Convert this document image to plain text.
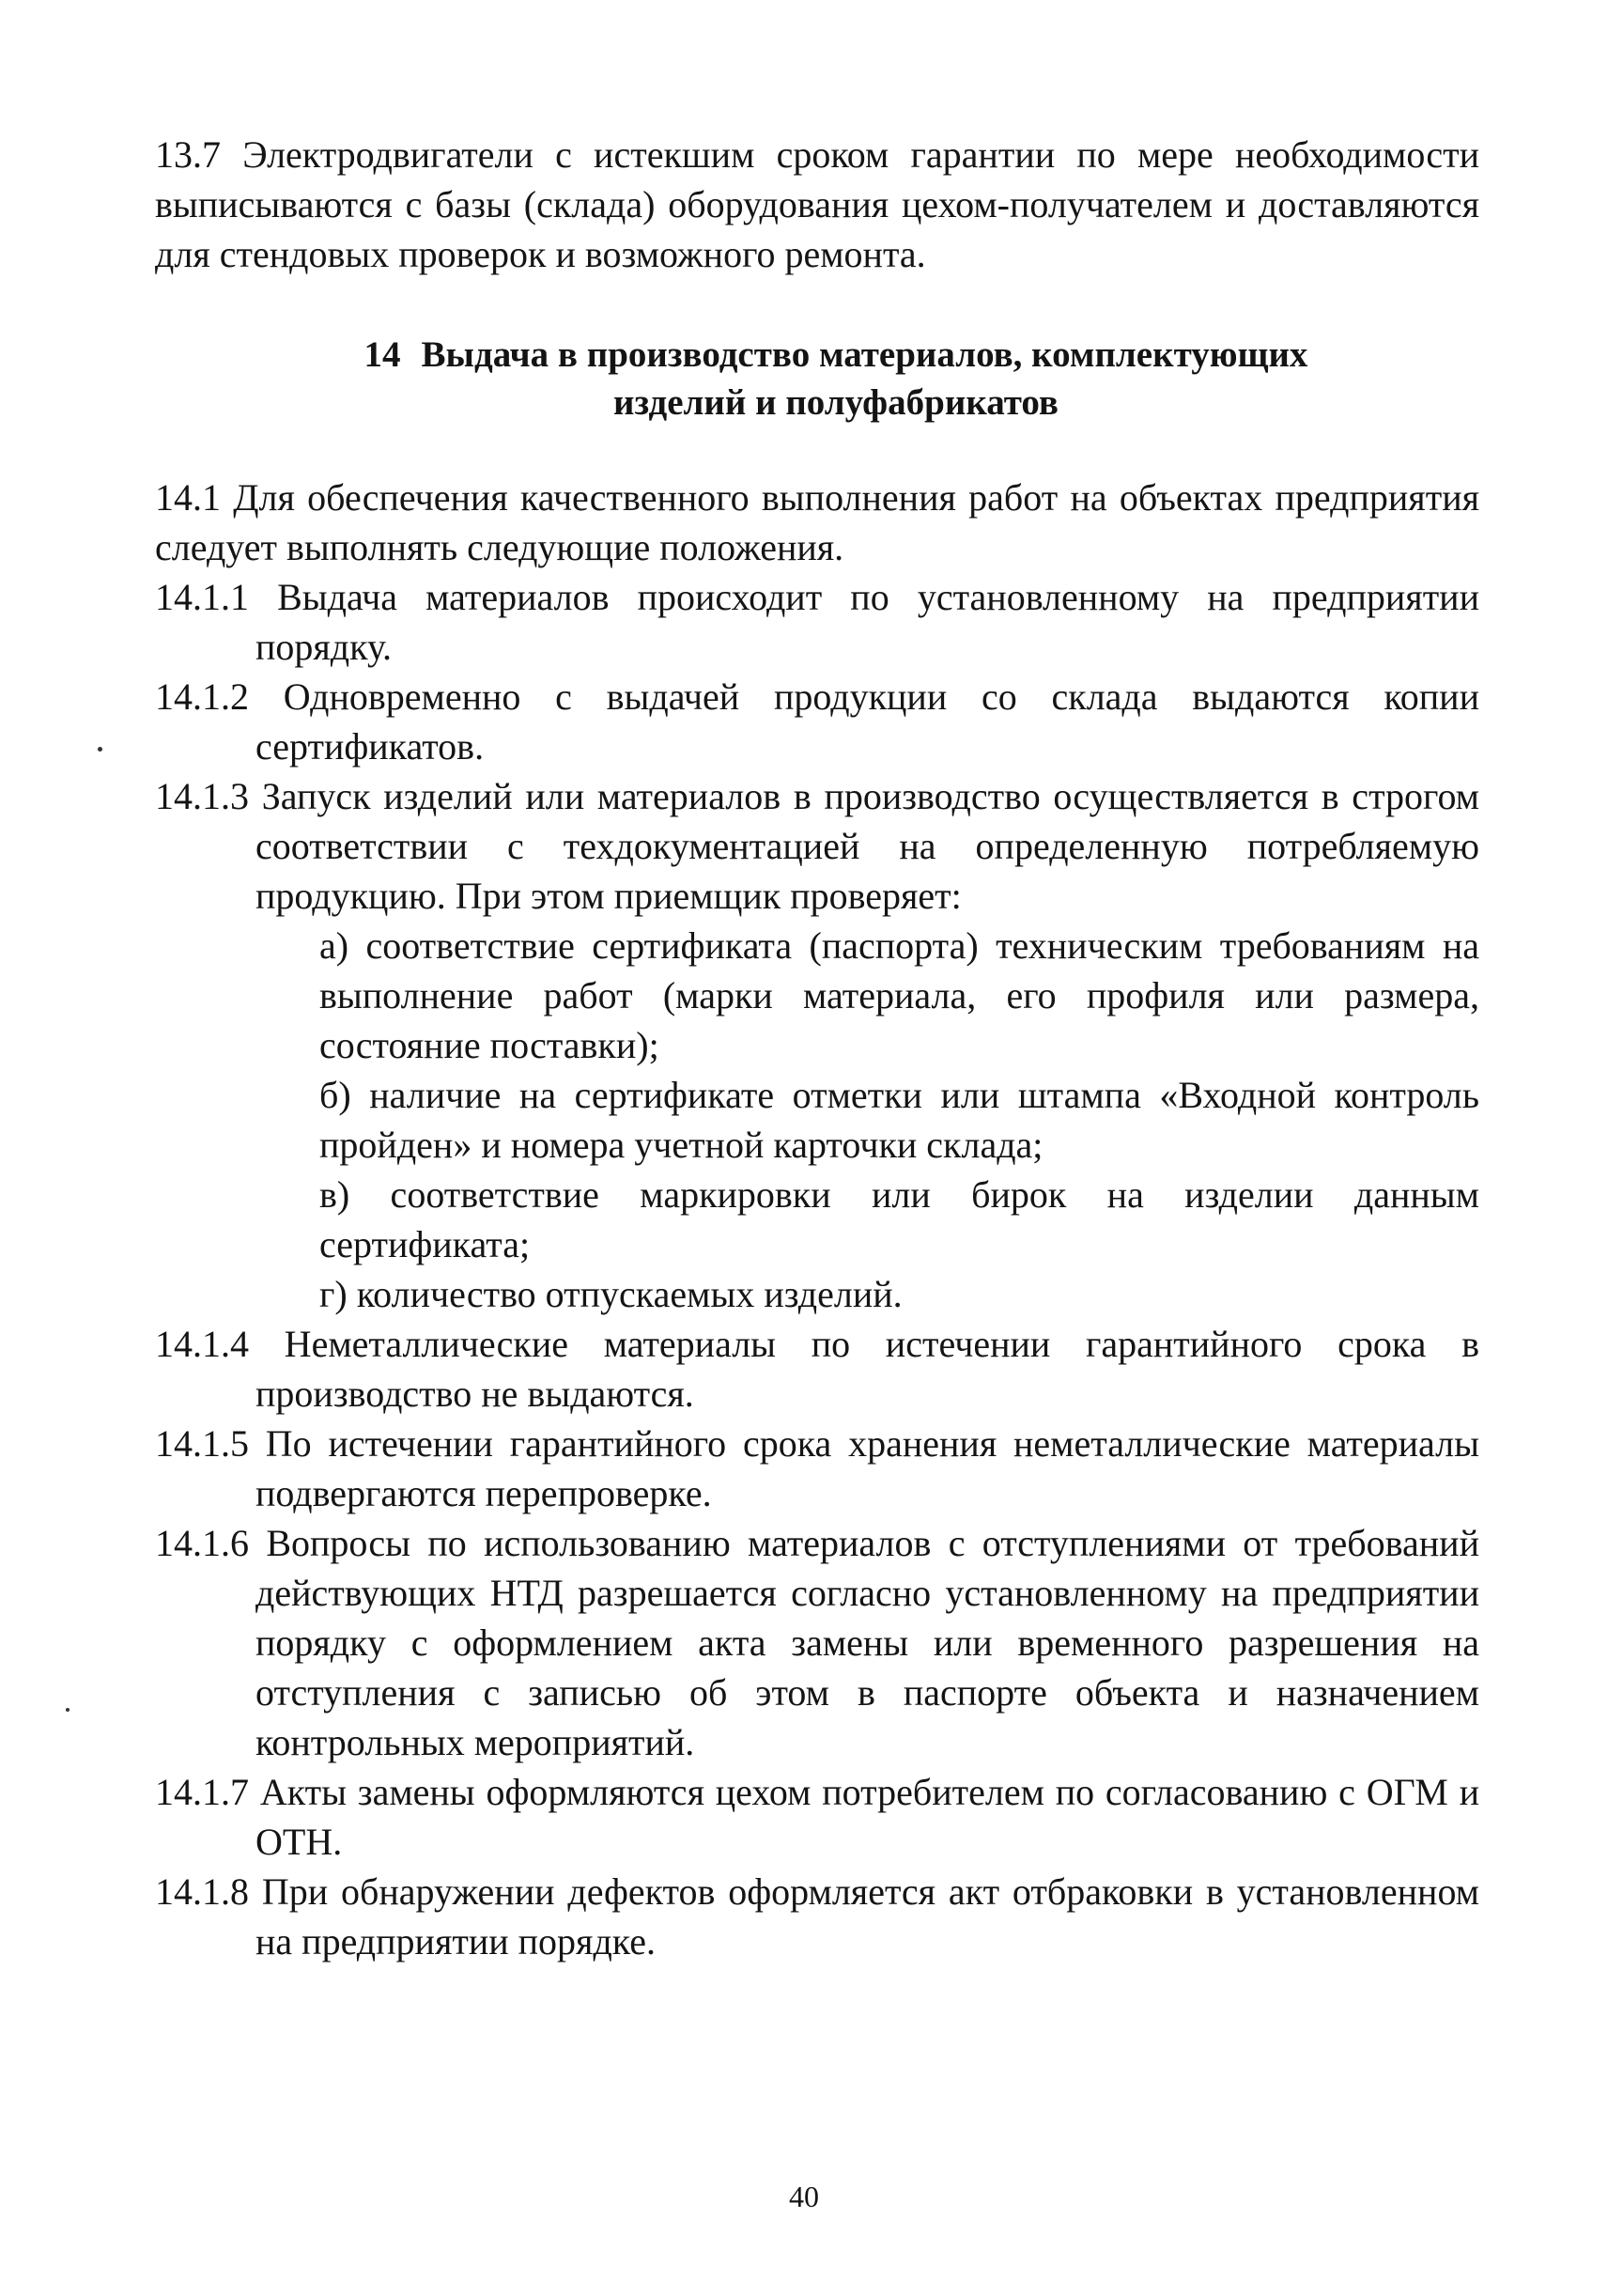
13.7 Электродвигатели с истекшим сроком гарантии по мере необходимости выписываются с базы (склада) оборудования цехом-получателем и доставляются для стендовых проверок и возможного ремонта.

14 Выдача в производство материалов, комплектующих
изделий и полуфабрикатов

14.1 Для обеспечения качественного выполнения работ на объектах предприятия следует выполнять следующие положения.

14.1.1 Выдача материалов происходит по установленному на предприятии порядку.

14.1.2 Одновременно с выдачей продукции со склада выдаются копии сертификатов.

14.1.3 Запуск изделий или материалов в производство осуществляется в строгом соответствии с техдокументацией на определенную потребляемую продукцию. При этом приемщик проверяет:

а) соответствие сертификата (паспорта) техническим требованиям на выполнение работ (марки материала, его профиля или размера, состояние поставки);

б) наличие на сертификате отметки или штампа «Входной контроль пройден» и номера учетной карточки склада;

в) соответствие маркировки или бирок на изделии данным сертификата;

г) количество отпускаемых изделий.

14.1.4 Неметаллические материалы по истечении гарантийного срока в производство не выдаются.

14.1.5 По истечении гарантийного срока хранения неметаллические материалы подвергаются перепроверке.

14.1.6 Вопросы по использованию материалов с отступлениями от требований действующих НТД разрешается согласно установленному на предприятии порядку с оформлением акта замены или временного разрешения на отступления с записью об этом в паспорте объекта и назначением контрольных мероприятий.

14.1.7 Акты замены оформляются цехом потребителем по согласованию с ОГМ и ОТН.

14.1.8 При обнаружении дефектов оформляется акт отбраковки в установленном на предприятии порядке.

40
